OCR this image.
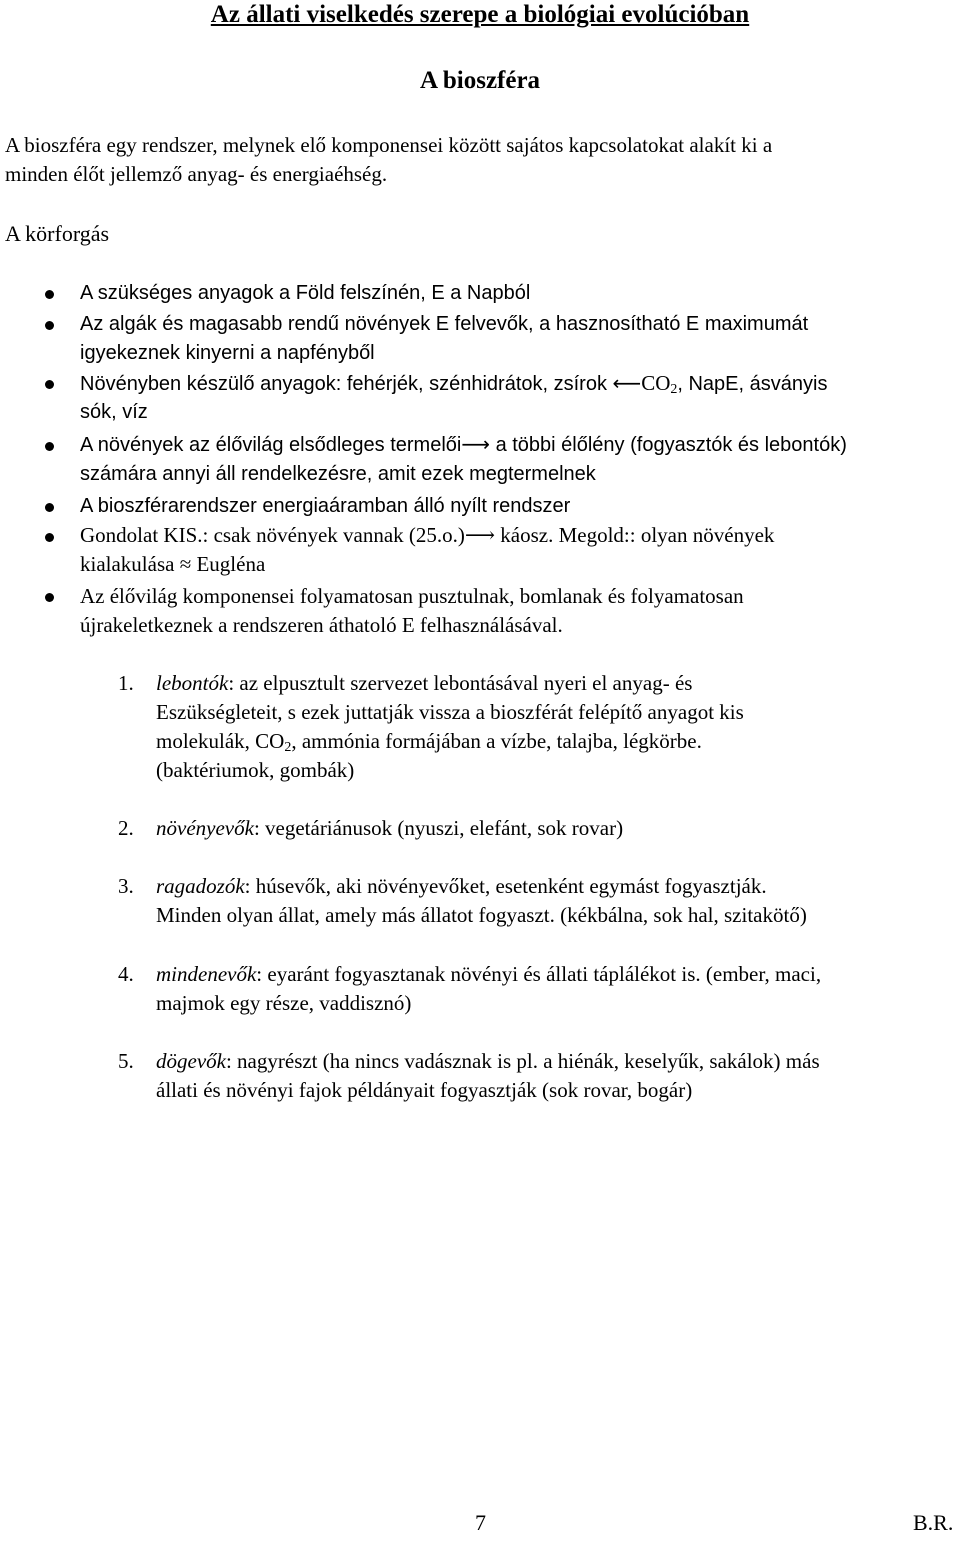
Az állati viselkedés szerepe a biológiai evolúcióban
A bioszféra
A bioszféra egy rendszer, melynek elő komponensei között sajátos kapcsolatokat alakít ki a
minden élőt jellemző anyag- és energiaéhség.
A körforgás
A szükséges anyagok a Föld felszínén, E a Napból
Az algák és magasabb rendű növények E felvevők, a hasznosítható E maximumát
igyekeznek kinyerni a napfényből
Növényben készülő anyagok: fehérjék, szénhidrátok, zsírok $⟵CO_2$, NapE, ásványis
sók, víz
A növények az élővilág elsődleges termelői⟶ a többi élőlény (fogyasztók és lebontók)
számára annyi áll rendelkezésre, amit ezek megtermelnek
A bioszférarendszer energiaáramban álló nyílt rendszer
Gondolat KIS.: csak növények vannak (25.o.)⟶ káosz. Megold:: olyan növények
kialakulása ≈ Eugléna
Az élővilág komponensei folyamatosan pusztulnak, bomlanak és folyamatosan
újrakeletkeznek a rendszeren áthatoló E felhasználásával.
1. lebontók: az elpusztult szervezet lebontásával nyeri el anyag- és
Eszükségleteit, s ezek juttatják vissza a bioszférát felépítő anyagot kis
molekulák, $CO_2$, ammónia formájában a vízbe, talajba, légkörbe.
(baktériumok, gombák)
2. növényevők: vegetáriánusok (nyuszi, elefánt, sok rovar)
3. ragadozók: húsevők, aki növényevőket, esetenként egymást fogyasztják.
Minden olyan állat, amely más állatot fogyaszt. (kékbálna, sok hal, szitakötő)
4. mindenevők: eyaránt fogyasztanak növényi és állati táplálékot is. (ember, maci,
majmok egy része, vaddisznó)
5. dögevők: nagyrészt (ha nincs vadásznak is pl. a hiénák, keselyűk, sakálok) más
állati és növényi fajok példányait fogyasztják (sok rovar, bogár)
7	B.R.
